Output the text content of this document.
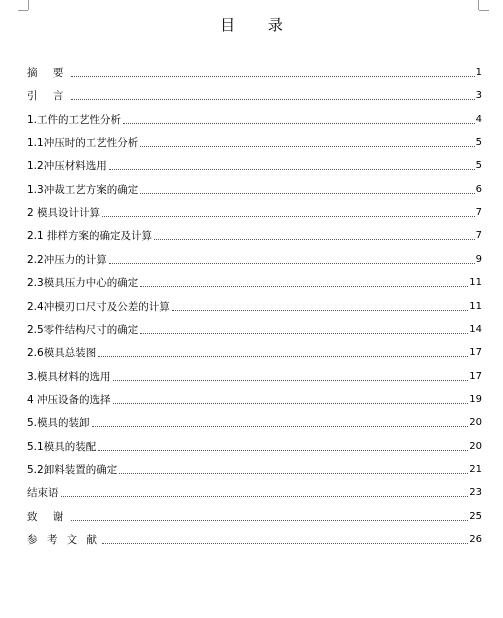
目 录
摘 要	1
引 言	3
1.工件的工艺性分析	4
1.1冲压时的工艺性分析	5
1.2冲压材料选用	5
1.3冲裁工艺方案的确定	6
2 模具设计计算	7
2.1 排样方案的确定及计算	7
2.2冲压力的计算	9
2.3模具压力中心的确定	11
2.4冲模刃口尺寸及公差的计算	11
2.5零件结构尺寸的确定	14
2.6模具总装图	17
3.模具材料的选用	17
4 冲压设备的选择	19
5.模具的装卸	20
5.1模具的装配	20
5.2卸料装置的确定	21
结束语	23
致 谢	25
参 考 文 献	26
